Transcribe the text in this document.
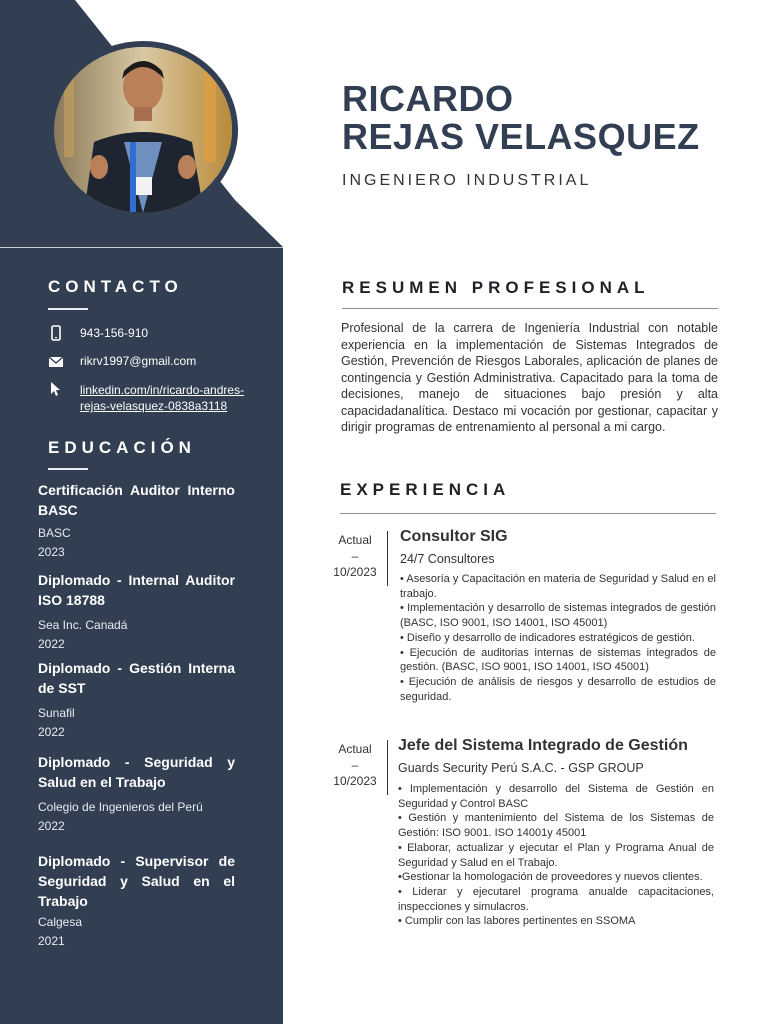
RICARDO
REJAS VELASQUEZ
INGENIERO INDUSTRIAL
CONTACTO
943-156-910
rikrv1997@gmail.com
linkedin.com/in/ricardo-andres-
rejas-velasquez-0838a3118
EDUCACIÓN
Certificación Auditor Interno BASC
BASC
2023
Diplomado - Internal Auditor ISO 18788
Sea Inc. Canadá
2022
Diplomado - Gestión Interna de SST
Sunafil
2022
Diplomado - Seguridad y Salud en el Trabajo
Colegio de Ingenieros del Perú
2022
Diplomado - Supervisor de Seguridad y Salud en el Trabajo
Calgesa
2021
RESUMEN PROFESIONAL
Profesional de la carrera de Ingeniería Industrial con notable experiencia en la implementación de Sistemas Integrados de Gestión, Prevención de Riesgos Laborales, aplicación de planes de contingencia y Gestión Administrativa. Capacitado para la toma de decisiones, manejo de situaciones bajo presión y alta capacidadanalítica. Destaco mi vocación por gestionar, capacitar y dirigir programas de entrenamiento al personal a mi cargo.
EXPERIENCIA
Actual
–
10/2023
Consultor SIG
24/7 Consultores
• Asesoría y Capacitación en materia de Seguridad y Salud en el trabajo.
• Implementación y desarrollo de sistemas integrados de gestión (BASC, ISO 9001, ISO 14001, ISO 45001)
• Diseño y desarrollo de indicadores estratégicos de gestión.
• Ejecución de auditorias internas de sistemas integrados de gestión. (BASC, ISO 9001, ISO 14001, ISO 45001)
• Ejecución de análisis de riesgos y desarrollo de estudios de seguridad.
Actual
–
10/2023
Jefe del Sistema Integrado de Gestión
Guards Security Perú S.A.C. - GSP GROUP
• Implementación y desarrollo del Sistema de Gestión en Seguridad y Control BASC
• Gestión y mantenimiento del Sistema de los Sistemas de Gestión: ISO 9001. ISO 14001y 45001
• Elaborar, actualizar y ejecutar el Plan y Programa Anual de Seguridad y Salud en el Trabajo.
•Gestionar la homologación de proveedores y nuevos clientes.
• Liderar y ejecutarel programa anualde capacitaciones, inspecciones y simulacros.
• Cumplir con las labores pertinentes en SSOMA
